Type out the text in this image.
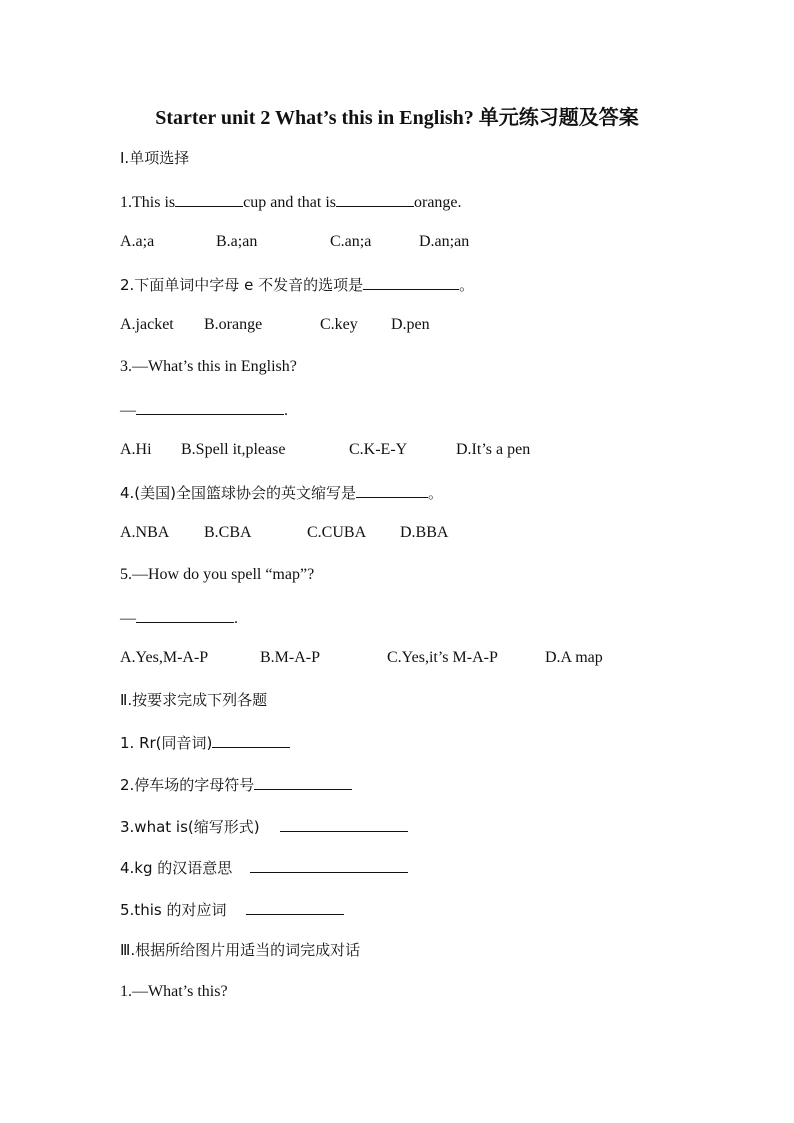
Starter unit 2 What’s this in English? 单元练习题及答案
Ⅰ.单项选择
1.This is	cup and that is	orange.
A.a;a	B.a;an	C.an;a	D.an;an
2.下面单词中字母 e 不发音的选项是	。
A.jacket B.orange	C.key D.pen
3.—What’s this in English?
—	.
A.Hi B.Spell it,please	C.K-E-Y	D.It’s a pen
4.(美国)全国篮球协会的英文缩写是	。
A.NBA B.CBA	C.CUBA D.BBA
5.—How do you spell “map”?
—	.
A.Yes,M-A-P	B.M-A-P	C.Yes,it’s M-A-P	D.A map
Ⅱ.按要求完成下列各题
1. Rr(同音词)
2.停车场的字母符号
3.what is(缩写形式)
4.kg 的汉语意思
5.this 的对应词
Ⅲ.根据所给图片用适当的词完成对话
1.—What’s this?
